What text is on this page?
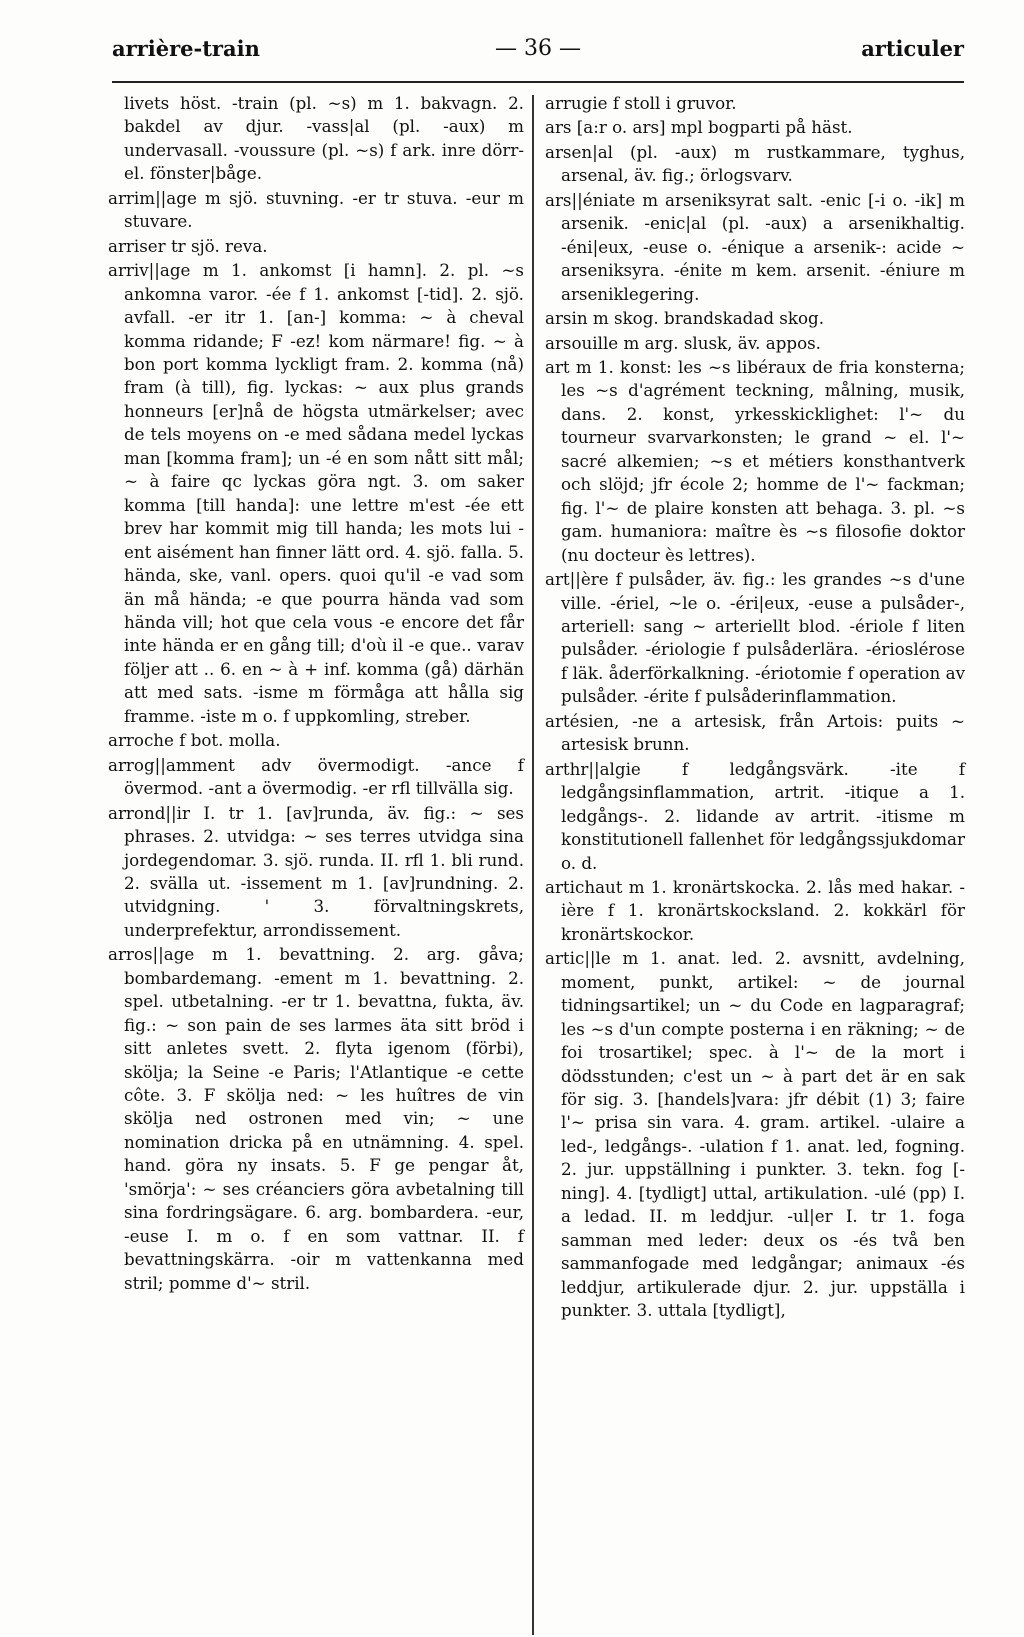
— 36 —
arrière-train	articuler

livets höst. -train (pl. ~s) m 1. bakvagn. 2. bakdel av djur. -vass|al (pl. -aux) m undervasall. -voussure (pl. ~s) f ark. inre dörr- el. fönster|båge.

arrim||age m sjö. stuvning. -er tr stuva. -eur m stuvare.

arriser tr sjö. reva.

arriv||age m 1. ankomst [i hamn]. 2. pl. ~s ankomna varor. -ée f 1. ankomst [-tid]. 2. sjö. avfall. -er itr 1. [an-] komma: ~ à cheval komma ridande; F -ez! kom närmare! fig. ~ à bon port komma lyckligt fram. 2. komma (nå) fram (à till), fig. lyckas: ~ aux plus grands honneurs [er]nå de högsta utmärkelser; avec de tels moyens on -e med sådana medel lyckas man [komma fram]; un -é en som nått sitt mål; ~ à faire qc lyckas göra ngt. 3. om saker komma [till handa]: une lettre m'est -ée ett brev har kommit mig till handa; les mots lui -ent aisément han finner lätt ord. 4. sjö. falla. 5. hända, ske, vanl. opers. quoi qu'il -e vad som än må hända; -e que pourra hända vad som hända vill; hot que cela vous -e encore det får inte hända er en gång till; d'où il -e que.. varav följer att .. 6. en ~ à + inf. komma (gå) därhän att med sats. -isme m förmåga att hålla sig framme. -iste m o. f uppkomling, streber.

arroche f bot. molla.

arrog||amment adv övermodigt. -ance f övermod. -ant a övermodig. -er rfl tillvälla sig.

arrond||ir I. tr 1. [av]runda, äv. fig.: ~ ses phrases. 2. utvidga: ~ ses terres utvidga sina jordegendomar. 3. sjö. runda. II. rfl 1. bli rund. 2. svälla ut. -issement m 1. [av]rundning. 2. utvidgning. ' 3. förvaltningskrets, underprefektur, arrondissement.

arros||age m 1. bevattning. 2. arg. gåva; bombardemang. -ement m 1. bevattning. 2. spel. utbetalning. -er tr 1. bevattna, fukta, äv. fig.: ~ son pain de ses larmes äta sitt bröd i sitt anletes svett. 2. flyta igenom (förbi), skölja; la Seine -e Paris; l'Atlantique -e cette côte. 3. F skölja ned: ~ les huîtres de vin skölja ned ostronen med vin; ~ une nomination dricka på en utnämning. 4. spel. hand. göra ny insats. 5. F ge pengar åt, 'smörja': ~ ses créanciers göra avbetalning till sina fordringsägare. 6. arg. bombardera. -eur, -euse I. m o. f en som vattnar. II. f bevattningskärra. -oir m vattenkanna med stril; pomme d'~ stril.

arrugie f stoll i gruvor.

ars [a:r o. ars] mpl bogparti på häst.

arsen|al (pl. -aux) m rustkammare, tyghus, arsenal, äv. fig.; örlogsvarv.

ars||éniate m arseniksyrat salt. -enic [-i o. -ik] m arsenik. -enic|al (pl. -aux) a arsenikhaltig. -éni|eux, -euse o. -énique a arsenik-: acide ~ arseniksyra. -énite m kem. arsenit. -éniure m arseniklegering.

arsin m skog. brandskadad skog.

arsouille m arg. slusk, äv. appos.

art m 1. konst: les ~s libéraux de fria konsterna; les ~s d'agrément teckning, målning, musik, dans. 2. konst, yrkesskicklighet: l'~ du tourneur svarvarkonsten; le grand ~ el. l'~ sacré alkemien; ~s et métiers konsthantverk och slöjd; jfr école 2; homme de l'~ fackman; fig. l'~ de plaire konsten att behaga. 3. pl. ~s gam. humaniora: maître ès ~s filosofie doktor (nu docteur ès lettres).

art||ère f pulsåder, äv. fig.: les grandes ~s d'une ville. -ériel, ~le o. -éri|eux, -euse a pulsåder-, arteriell: sang ~ arteriellt blod. -ériole f liten pulsåder. -ériologie f pulsåderlära. -érioslérose f läk. åderförkalkning. -ériotomie f operation av pulsåder. -érite f pulsåderinflammation.

artésien, -ne a artesisk, från Artois: puits ~ artesisk brunn.

arthr||algie f ledgångsvärk. -ite f ledgångsinflammation, artrit. -itique a 1. ledgångs-. 2. lidande av artrit. -itisme m konstitutionell fallenhet för ledgångssjukdomar o. d.

artichaut m 1. kronärtskocka. 2. lås med hakar. -ière f 1. kronärtskocksland. 2. kokkärl för kronärtskockor.

artic||le m 1. anat. led. 2. avsnitt, avdelning, moment, punkt, artikel: ~ de journal tidningsartikel; un ~ du Code en lagparagraf; les ~s d'un compte posterna i en räkning; ~ de foi trosartikel; spec. à l'~ de la mort i dödsstunden; c'est un ~ à part det är en sak för sig. 3. [handels]vara: jfr débit (1) 3; faire l'~ prisa sin vara. 4. gram. artikel. -ulaire a led-, ledgångs-. -ulation f 1. anat. led, fogning. 2. jur. uppställning i punkter. 3. tekn. fog [-ning]. 4. [tydligt] uttal, artikulation. -ulé (pp) I. a ledad. II. m leddjur. -ul|er I. tr 1. foga samman med leder: deux os -és två ben sammanfogade med ledgångar; animaux -és leddjur, artikulerade djur. 2. jur. uppställa i punkter. 3. uttala [tydligt],
